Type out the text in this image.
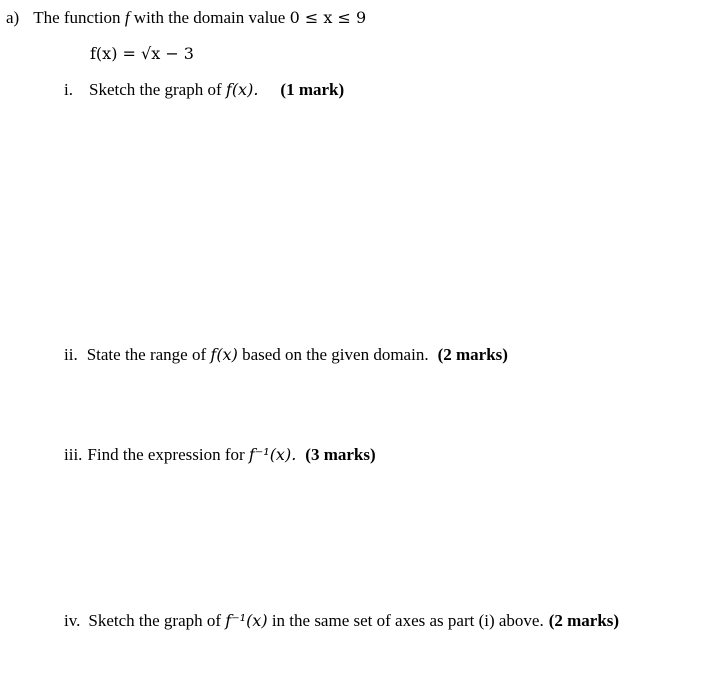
a) The function f with the domain value 0 ≤ x ≤ 9
f(x) = √x − 3
i. Sketch the graph of f(x). (1 mark)
ii. State the range of f(x) based on the given domain. (2 marks)
iii. Find the expression for f⁻¹(x). (3 marks)
iv. Sketch the graph of f⁻¹(x) in the same set of axes as part (i) above. (2 marks)
